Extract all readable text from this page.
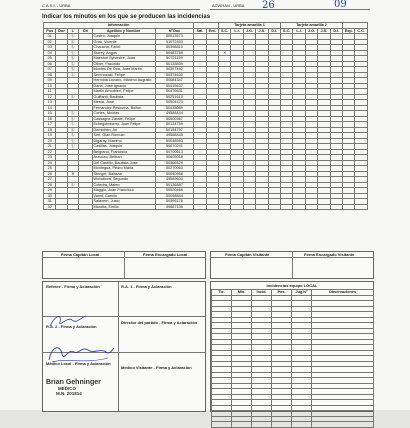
C.A.S.I. - URBA	ACWHAN - URBA 26	09
Indicar los minutos en los que se producen las incidencias
Información								Tarjeta amarilla 1					Tarjeta amarilla 2						
Pos	Dor	L	Cit	Apellido y Nombre	N°Doc	Sal.	Ent.	S.C.	L.I.	J.G.	J.S.	D.I.	S.C.	L.I.	J.G.	J.S.	D.I.	Exp.	C.C.
01		Ⓛ		Castro, Joaquin	50513573														
02		Ⓛ		Grau, Vicente	51072453														
03		Ⓛ		Chaucha, Fariel	50398810														
04		Ⓛ		Storey, Angus	50483789			✕											
05		Ⓛ		Maestori Sylvestre, Juan	50721159														
06		Ⓛ		Oliver, Facundo	50133839														
07		Ⓛ		Montes De Oca, Juan Martin	50397492														
08		Ⓛ		Serenozaki, Felipe	50374630														
09				Hermida Lozano, Máximo Augusto	50684347														
10				Dana, José Ignacio	50415637														
11				Martin Amorbieri, Felipe	50476631														
12		Ⓛ		Guiffanti, Bautista	50251610														
13				Mestá, José	50504473														
14				Fernandez Pescuma, Bolton	50435089														
15		Ⓛ		Cortes, Nicolas	49588444														
16		Ⓛ		Cassagne Zarate, Felipe	50500367														
17		Ⓛ		Echegoimberry, Juan Felipe	50134759														
18		Ⓛ		Demichen, Ari	50154797														
19		Ⓛ		Seri, Gian Romulo	49588445														
20		Ⓛ		Digaray, Maximo	50048583														
21		Ⓛ		Casillas, Joaquin	50670241														
22				Belgrano, Francisco	50700613														
23				Arzuozo, Beltran	50605018														
24				Del Castillo, Bautista Jose	50366529														
25				Montegua, Pedro Maria	50270063														
26		✕		Stengel, Baltazar	50040958														
27				Wolodkow, Segundo	49589600														
28		Ⓛ		Cotedra, Mateo	50136887														
29				Maggio, Juan Francisco	50520466														
30				Vanni, Camilo	50098844														
31				Salaverri, Justo	50396176														
32				Marotta, Emilio	49687135														
Firma Capitán Local	Firma Encargado Local	Firma Capitán Visitante	Firma Encargado Visitante
Referee - Firma y Aclaración	R.A. 1 - Firma y Aclaración
R.A. 2 - Firma y Aclaración
Director del partido - Firma y Aclaración
Médico Local - Firma y Aclaración
Médico Visitante - Firma y Aclaración
Brian Gehninger
MEDICO
M.N. 201814
Incidencias equipo LOCAL
Tie.	Min.	Incid.	Pos.	Jug.N°	Observaciones
